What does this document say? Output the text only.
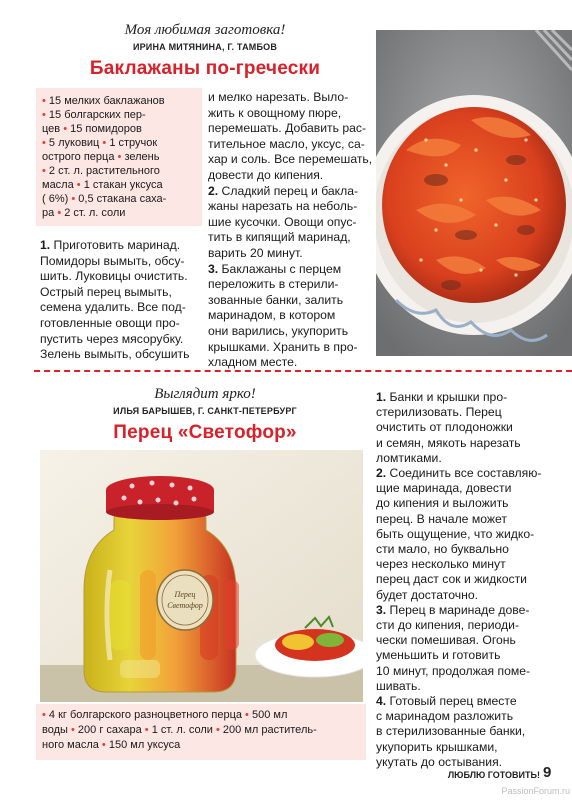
Моя любимая заготовка!
ИРИНА МИТЯНИНА, Г. ТАМБОВ
Баклажаны по-гречески
• 15 мелких баклажанов
• 15 болгарских пер-
цев • 15 помидоров
• 5 луковиц • 1 стручок
острого перца • зелень
• 2 ст. л. растительного
масла • 1 стакан уксуса
( 6%) • 0,5 стакана саха-
ра • 2 ст. л. соли

1. Приготовить маринад.

Помидоры вымыть, обсу-

шить. Луковицы очистить.

Острый перец вымыть,

семена удалить. Все под-

готовленные овощи про-

пустить через мясорубку.

Зелень вымыть, обсушить

и мелко нарезать. Выло-

жить к овощному пюре,

перемешать. Добавить рас-

тительное масло, уксус, са-

хар и соль. Все перемешать,

довести до кипения.

2. Сладкий перец и бакла-

жаны нарезать на неболь-

шие кусочки. Овощи опус-

тить в кипящий маринад,

варить 20 минут.

3. Баклажаны с перцем

переложить в стерили-

зованные банки, залить

маринадом, в котором

они варились, укупорить

крышками. Хранить в про-

хладном месте.

Выглядит ярко!
ИЛЬЯ БАРЫШЕВ, Г. САНКТ-ПЕТЕРБУРГ
Перец «Светофор»
Перец
Светофор
• 4 кг болгарского разноцветного перца • 500 мл
воды • 200 г сахара • 1 ст. л. соли • 200 мл раститель-
ного масла • 150 мл уксуса

1. Банки и крышки про-

стерилизовать. Перец

очистить от плодоножки

и семян, мякоть нарезать

ломтиками.

2. Соединить все составляю-

щие маринада, довести

до кипения и выложить

перец. В начале может

быть ощущение, что жидко-

сти мало, но буквально

через несколько минут

перец даст сок и жидкости

будет достаточно.

3. Перец в маринаде дове-

сти до кипения, периоди-

чески помешивая. Огонь

уменьшить и готовить

10 минут, продолжая поме-

шивать.

4. Готовый перец вместе

с маринадом разложить

в стерилизованные банки,

укупорить крышками,

укутать до остывания.

ЛЮБЛЮ ГОТОВИТЬ! 9
PassionForum.ru
